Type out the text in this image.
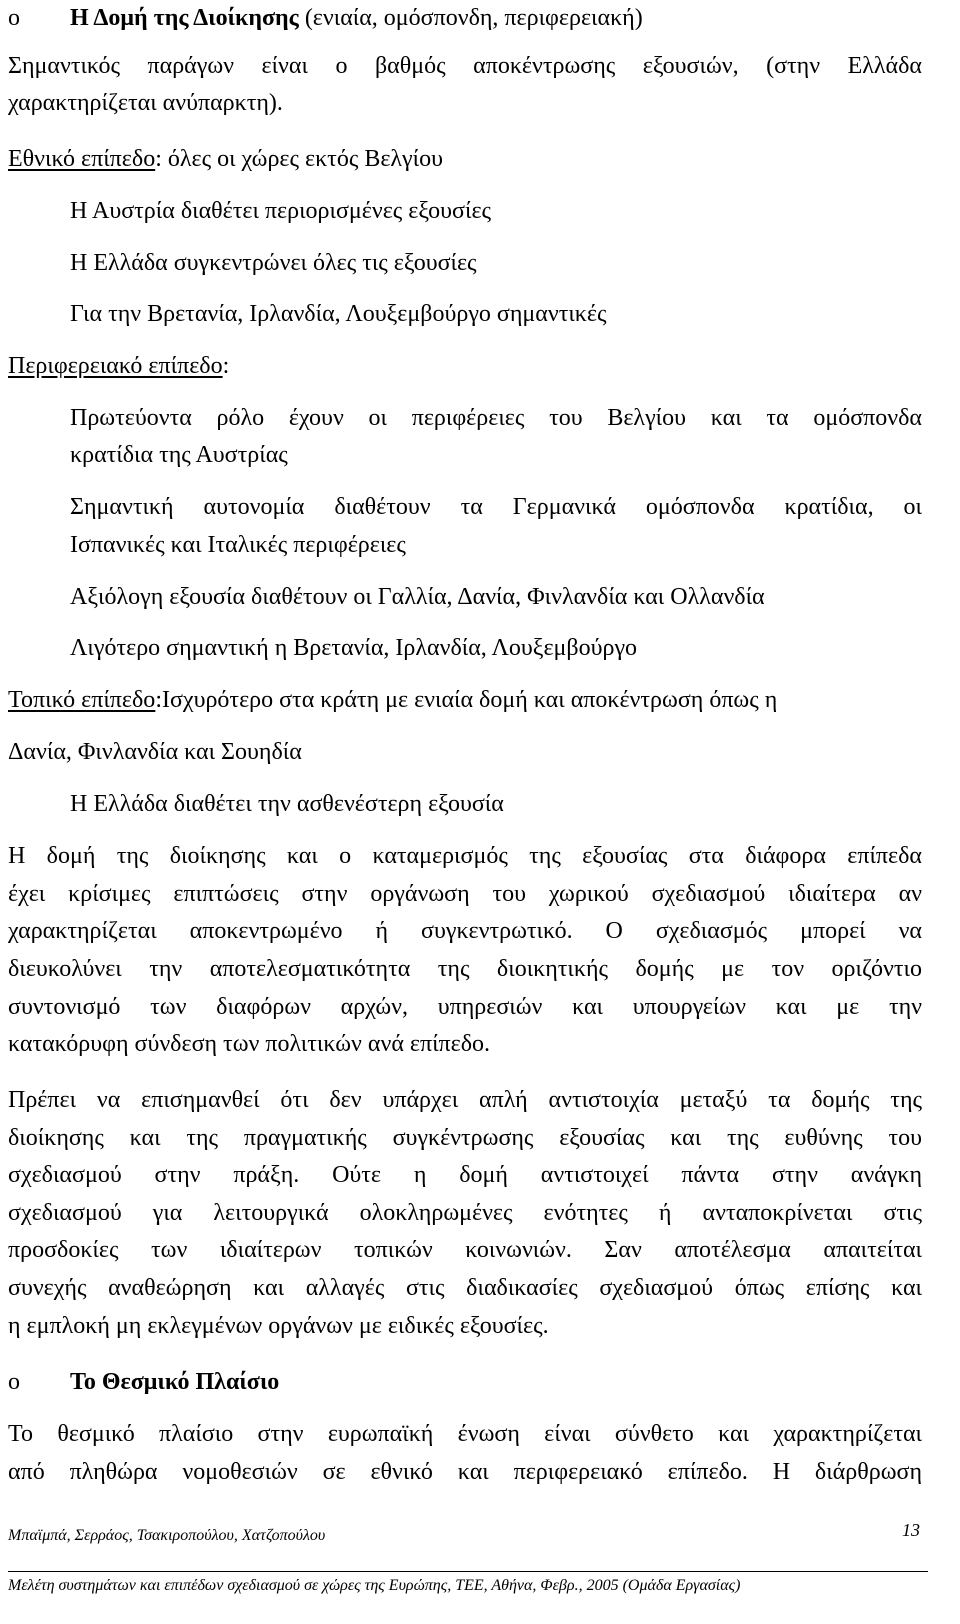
o Η Δομή της Διοίκησης (ενιαία, ομόσπονδη, περιφερειακή)
Σημαντικός παράγων είναι ο βαθμός αποκέντρωσης εξουσιών, (στην Ελλάδα
χαρακτηρίζεται ανύπαρκτη).
Εθνικό επίπεδο: όλες οι χώρες εκτός Βελγίου
Η Αυστρία διαθέτει περιορισμένες εξουσίες
Η Ελλάδα συγκεντρώνει όλες τις εξουσίες
Για την Βρετανία, Ιρλανδία, Λουξεμβούργο σημαντικές
Περιφερειακό επίπεδο:
Πρωτεύοντα ρόλο έχουν οι περιφέρειες του Βελγίου και τα ομόσπονδα
κρατίδια της Αυστρίας
Σημαντική αυτονομία διαθέτουν τα Γερμανικά ομόσπονδα κρατίδια, οι
Ισπανικές και Ιταλικές περιφέρειες
Αξιόλογη εξουσία διαθέτουν οι Γαλλία, Δανία, Φινλανδία και Ολλανδία
Λιγότερο σημαντική η Βρετανία, Ιρλανδία, Λουξεμβούργο
Τοπικό επίπεδο:Ισχυρότερο στα κράτη με ενιαία δομή και αποκέντρωση όπως η
Δανία, Φινλανδία και Σουηδία
Η Ελλάδα διαθέτει την ασθενέστερη εξουσία
Η δομή της διοίκησης και ο καταμερισμός της εξουσίας στα διάφορα επίπεδα
έχει κρίσιμες επιπτώσεις στην οργάνωση του χωρικού σχεδιασμού ιδιαίτερα αν
χαρακτηρίζεται αποκεντρωμένο ή συγκεντρωτικό. Ο σχεδιασμός μπορεί να
διευκολύνει την αποτελεσματικότητα της διοικητικής δομής με τον οριζόντιο
συντονισμό των διαφόρων αρχών, υπηρεσιών και υπουργείων και με την
κατακόρυφη σύνδεση των πολιτικών ανά επίπεδο.
Πρέπει να επισημανθεί ότι δεν υπάρχει απλή αντιστοιχία μεταξύ τα δομής της
διοίκησης και της πραγματικής συγκέντρωσης εξουσίας και της ευθύνης του
σχεδιασμού στην πράξη. Ούτε η δομή αντιστοιχεί πάντα στην ανάγκη
σχεδιασμού για λειτουργικά ολοκληρωμένες ενότητες ή ανταποκρίνεται στις
προσδοκίες των ιδιαίτερων τοπικών κοινωνιών. Σαν αποτέλεσμα απαιτείται
συνεχής αναθεώρηση και αλλαγές στις διαδικασίες σχεδιασμού όπως επίσης και
η εμπλοκή μη εκλεγμένων οργάνων με ειδικές εξουσίες.
o Το Θεσμικό Πλαίσιο
Το θεσμικό πλαίσιο στην ευρωπαϊκή ένωση είναι σύνθετο και χαρακτηρίζεται
από πληθώρα νομοθεσιών σε εθνικό και περιφερειακό επίπεδο. Η διάρθρωση
Μπαϊμπά, Σερράος, Τσακιροπούλου, Χατζοπούλου	13
Μελέτη συστημάτων και επιπέδων σχεδιασμού σε χώρες της Ευρώπης, ΤΕΕ, Αθήνα, Φεβρ., 2005 (Ομάδα Εργασίας)
